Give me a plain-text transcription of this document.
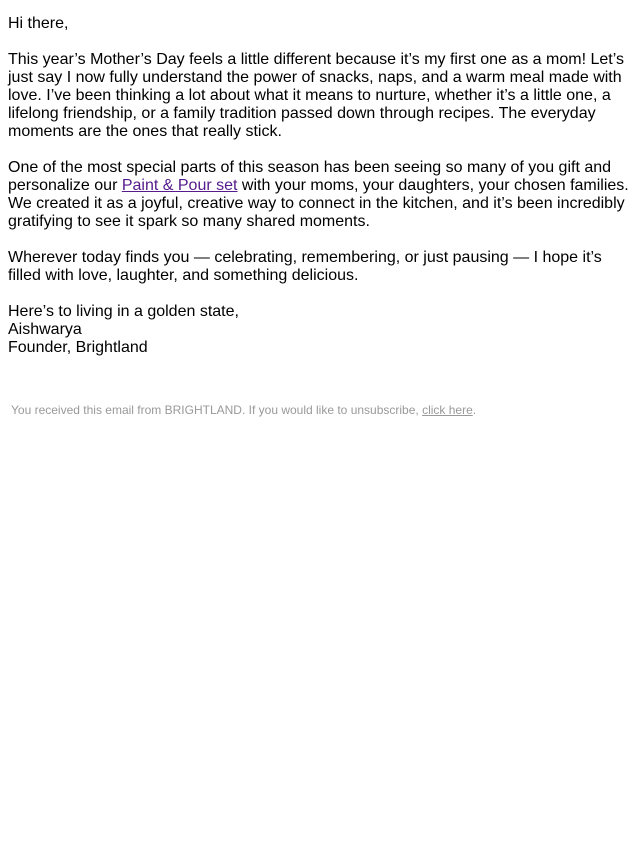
Hi there,

This year’s Mother’s Day feels a little different because it’s my first one as a mom! Let’s just say I now fully understand the power of snacks, naps, and a warm meal made with love. I’ve been thinking a lot about what it means to nurture, whether it’s a little one, a lifelong friendship, or a family tradition passed down through recipes. The everyday moments are the ones that really stick.

One of the most special parts of this season has been seeing so many of you gift and personalize our Paint & Pour set with your moms, your daughters, your chosen families. We created it as a joyful, creative way to connect in the kitchen, and it’s been incredibly gratifying to see it spark so many shared moments.

Wherever today finds you — celebrating, remembering, or just pausing — I hope it’s filled with love, laughter, and something delicious.

Here’s to living in a golden state,
Aishwarya
Founder, Brightland

You received this email from BRIGHTLAND. If you would like to unsubscribe, click here.
